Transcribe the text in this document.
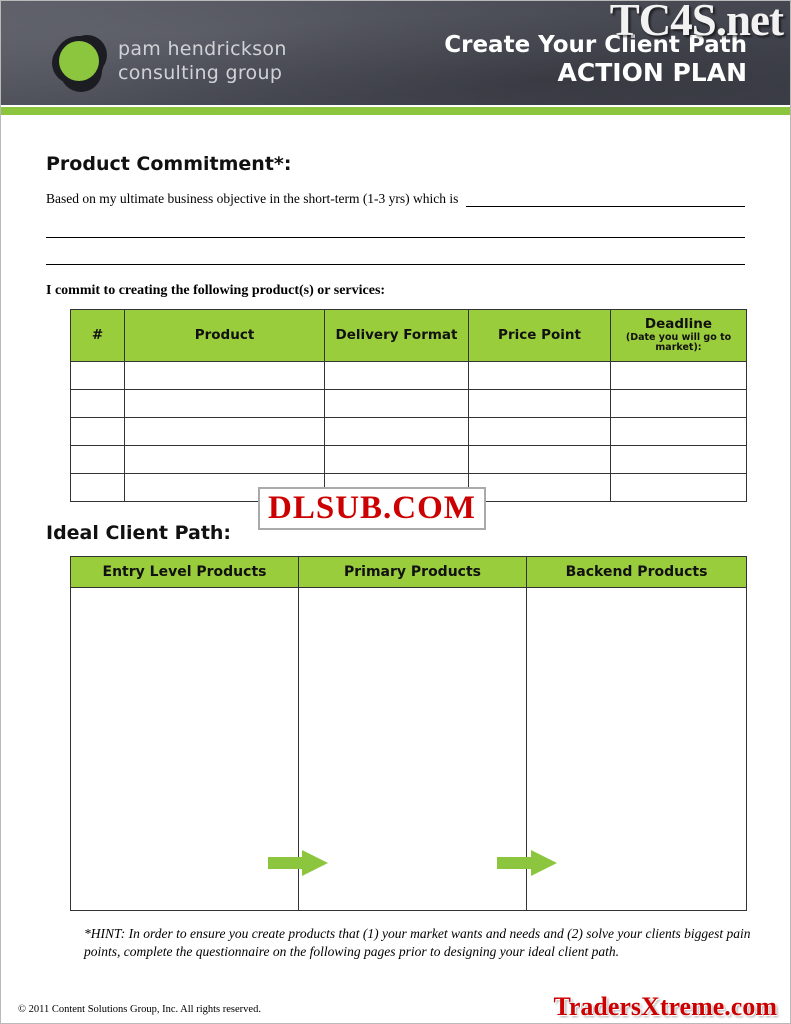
TC4S.net
pam hendrickson
consulting group
Create Your Client Path
ACTION PLAN
Product Commitment*:
Based on my ultimate business objective in the short-term (1-3 yrs) which is
I commit to creating the following product(s) or services:
#	Product	Delivery Format	Price Point	Deadline
(Date you will go to market):

Ideal Client Path:
Entry Level Products	Primary Products	Backend Products

*HINT: In order to ensure you create products that (1) your market wants and needs and (2) solve your clients biggest pain points, complete the questionnaire on the following pages prior to designing your ideal client path.
DLSUB.COM
© 2011 Content Solutions Group, Inc. All rights reserved.	TradersXtreme.com
